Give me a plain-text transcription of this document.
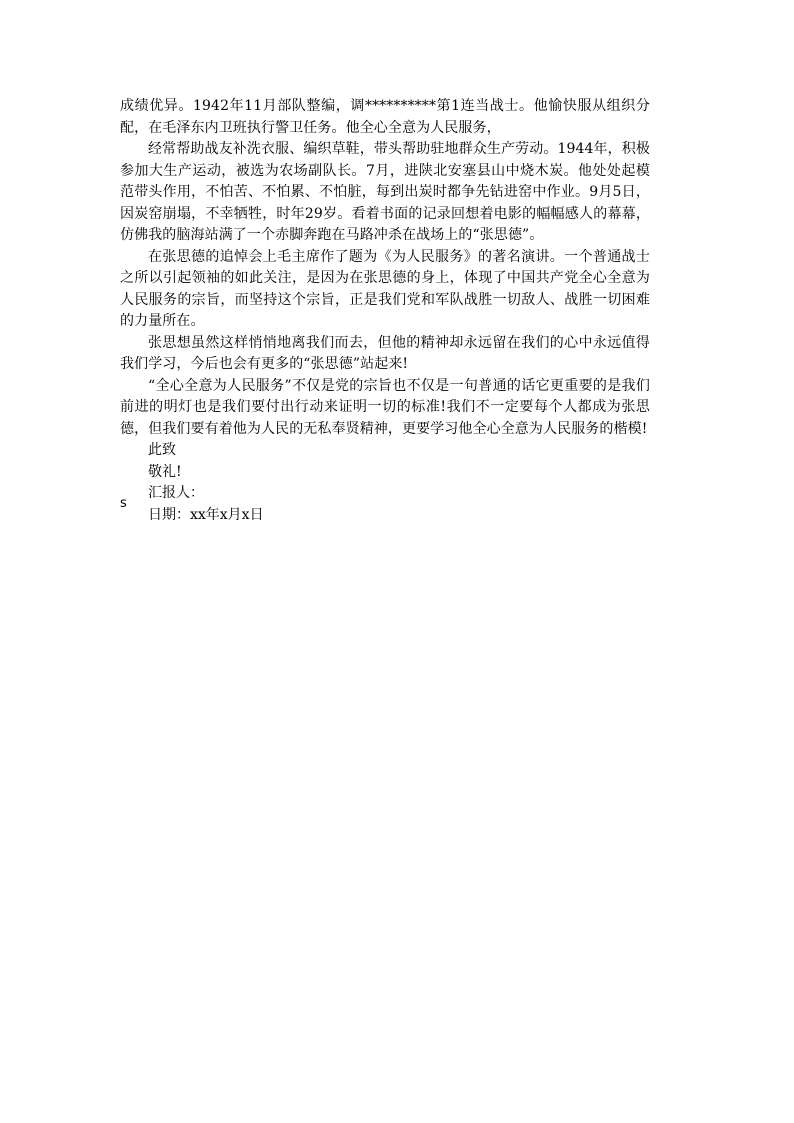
成绩优异。1942年11月部队整编，调**********第1连当战士。他愉快服从组织分配，在毛泽东内卫班执行警卫任务。他全心全意为人民服务，

经常帮助战友补洗衣服、编织草鞋，带头帮助驻地群众生产劳动。1944年，积极参加大生产运动，被选为农场副队长。7月，进陕北安塞县山中烧木炭。他处处起模范带头作用，不怕苦、不怕累、不怕脏，每到出炭时都争先钻进窑中作业。9月5日，因炭窑崩塌，不幸牺牲，时年29岁。看着书面的记录回想着电影的幅幅感人的幕幕，仿佛我的脑海站满了一个赤脚奔跑在马路冲杀在战场上的“张思德”。

在张思德的追悼会上毛主席作了题为《为人民服务》的著名演讲。一个普通战士之所以引起领袖的如此关注，是因为在张思德的身上，体现了中国共产党全心全意为人民服务的宗旨，而坚持这个宗旨，正是我们党和军队战胜一切敌人、战胜一切困难的力量所在。

张思想虽然这样悄悄地离我们而去，但他的精神却永远留在我们的心中永远值得我们学习，今后也会有更多的“张思德”站起来!

“全心全意为人民服务”不仅是党的宗旨也不仅是一句普通的话它更重要的是我们前进的明灯也是我们要付出行动来证明一切的标准!我们不一定要每个人都成为张思德，但我们要有着他为人民的无私奉贤精神，更要学习他全心全意为人民服务的楷模!

此致

敬礼!

汇报人：

日期：xx年x月x日

s
